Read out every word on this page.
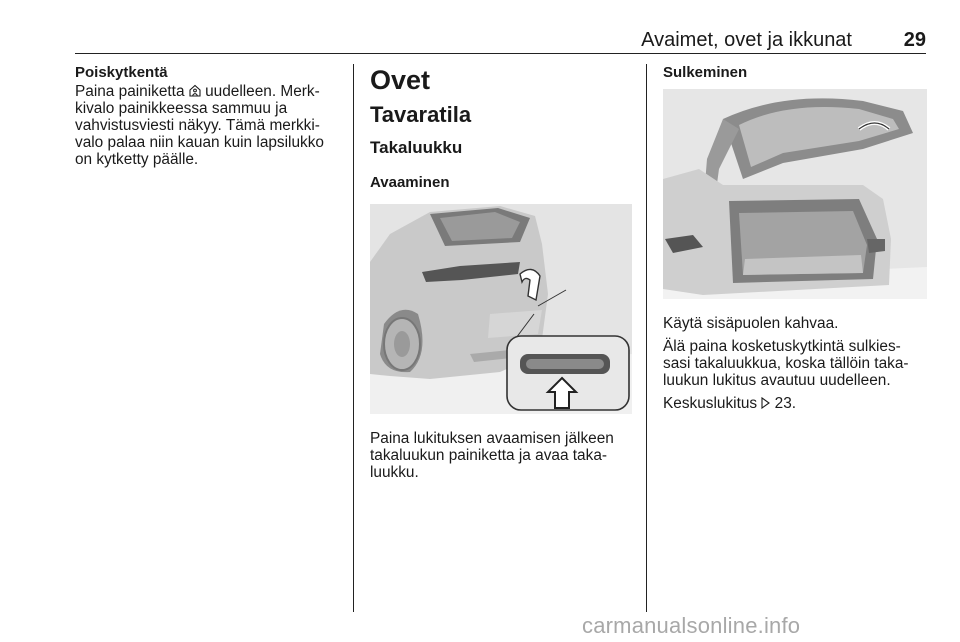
Avaimet, ovet ja ikkunat	29

Poiskytkentä

Paina painiketta  uudelleen. Merk-
kivalo painikkeessa sammuu ja
vahvistusviesti näkyy. Tämä merkki-
valo palaa niin kauan kuin lapsilukko
on kytketty päälle.

Ovet
Tavaratila
Takaluukku
Avaaminen

Paina lukituksen avaamisen jälkeen
takaluukun painiketta ja avaa taka-
luukku.

Sulkeminen

Käytä sisäpuolen kahvaa.

Älä paina kosketuskytkintä sulkies-
sasi takaluukkua, koska tällöin taka-
luukun lukitus avautuu uudelleen.

Keskuslukitus  23.

carmanualsonline.info
